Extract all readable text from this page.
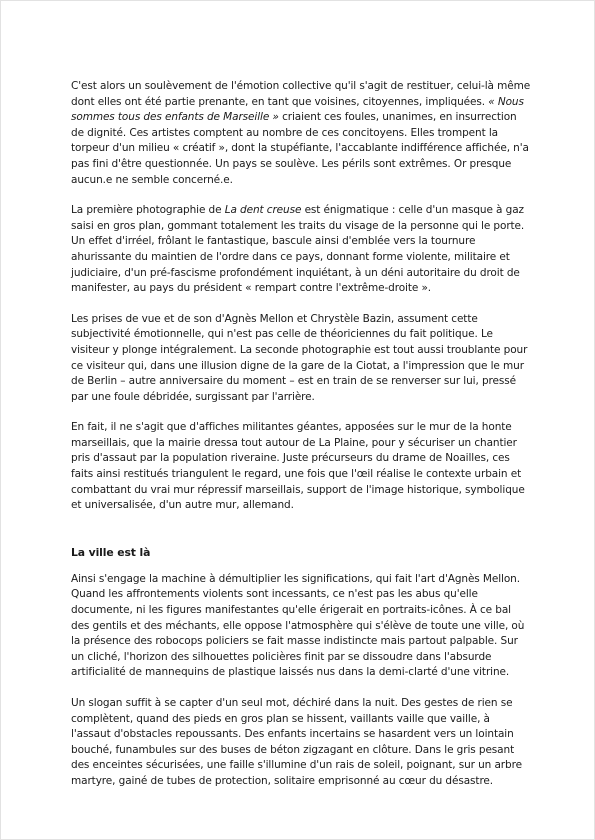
C'est alors un soulèvement de l'émotion collective qu'il s'agit de restituer, celui-là même dont elles ont été partie prenante, en tant que voisines, citoyennes, impliquées. « Nous sommes tous des enfants de Marseille » criaient ces foules, unanimes, en insurrection de dignité. Ces artistes comptent au nombre de ces concitoyens. Elles trompent la torpeur d'un milieu « créatif », dont la stupéfiante, l'accablante indifférence affichée, n'a pas fini d'être questionnée. Un pays se soulève. Les périls sont extrêmes. Or presque aucun.e ne semble concerné.e.

La première photographie de La dent creuse est énigmatique : celle d'un masque à gaz saisi en gros plan, gommant totalement les traits du visage de la personne qui le porte. Un effet d'irréel, frôlant le fantastique, bascule ainsi d'emblée vers la tournure ahurissante du maintien de l'ordre dans ce pays, donnant forme violente, militaire et judiciaire, d'un pré-fascisme profondément inquiétant, à un déni autoritaire du droit de manifester, au pays du président « rempart contre l'extrême-droite ».

Les prises de vue et de son d'Agnès Mellon et Chrystèle Bazin, assument cette subjectivité émotionnelle, qui n'est pas celle de théoriciennes du fait politique. Le visiteur y plonge intégralement. La seconde photographie est tout aussi troublante pour ce visiteur qui, dans une illusion digne de la gare de la Ciotat, a l'impression que le mur de Berlin – autre anniversaire du moment – est en train de se renverser sur lui, pressé par une foule débridée, surgissant par l'arrière.

En fait, il ne s'agit que d'affiches militantes géantes, apposées sur le mur de la honte marseillais, que la mairie dressa tout autour de La Plaine, pour y sécuriser un chantier pris d'assaut par la population riveraine. Juste précurseurs du drame de Noailles, ces faits ainsi restitués triangulent le regard, une fois que l'œil réalise le contexte urbain et combattant du vrai mur répressif marseillais, support de l'image historique, symbolique et universalisée, d'un autre mur, allemand.

La ville est là

Ainsi s'engage la machine à démultiplier les significations, qui fait l'art d'Agnès Mellon. Quand les affrontements violents sont incessants, ce n'est pas les abus qu'elle documente, ni les figures manifestantes qu'elle érigerait en portraits-icônes. À ce bal des gentils et des méchants, elle oppose l'atmosphère qui s'élève de toute une ville, où la présence des robocops policiers se fait masse indistincte mais partout palpable. Sur un cliché, l'horizon des silhouettes policières finit par se dissoudre dans l'absurde artificialité de mannequins de plastique laissés nus dans la demi-clarté d'une vitrine.

Un slogan suffit à se capter d'un seul mot, déchiré dans la nuit. Des gestes de rien se complètent, quand des pieds en gros plan se hissent, vaillants vaille que vaille, à l'assaut d'obstacles repoussants. Des enfants incertains se hasardent vers un lointain bouché, funambules sur des buses de béton zigzagant en clôture. Dans le gris pesant des enceintes sécurisées, une faille s'illumine d'un rais de soleil, poignant, sur un arbre martyre, gainé de tubes de protection, solitaire emprisonné au cœur du désastre.
